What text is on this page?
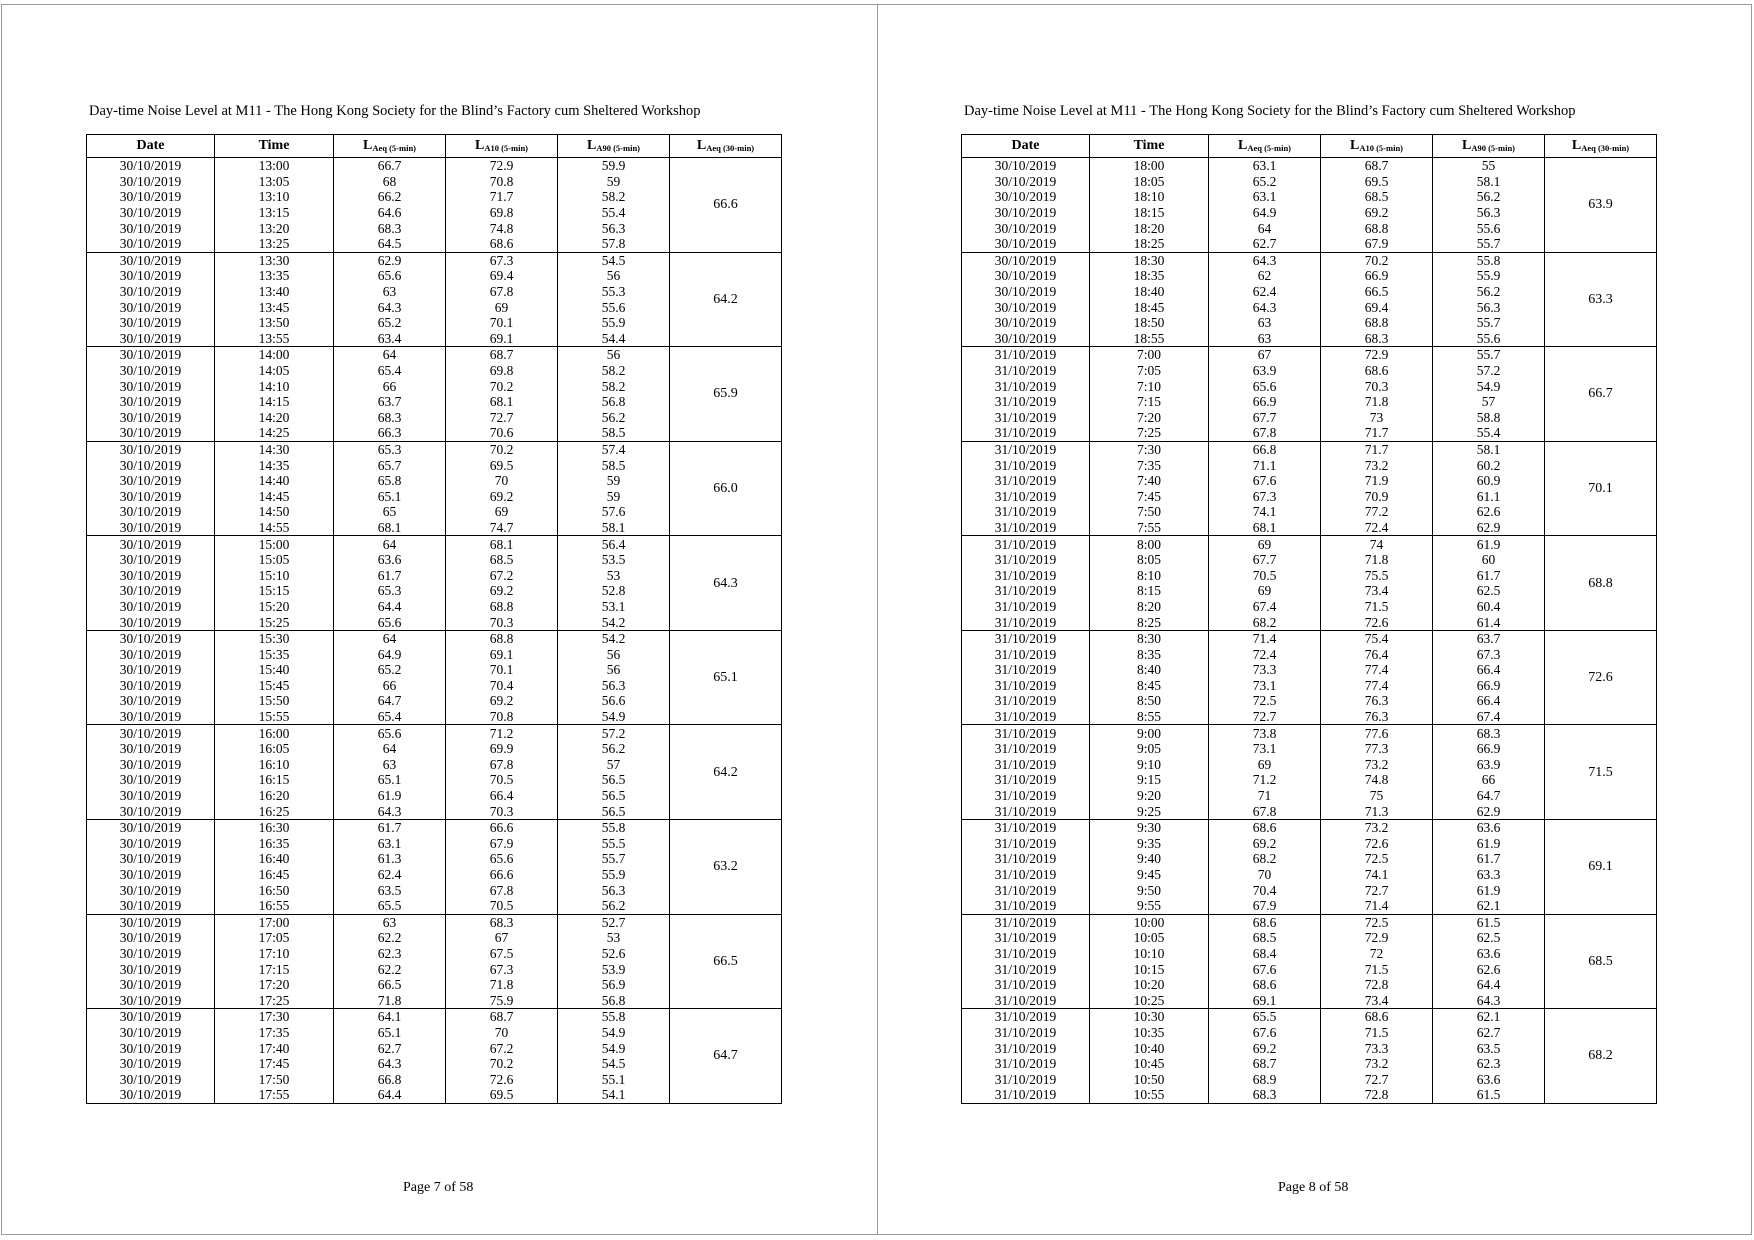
Day-time Noise Level at M11 - The Hong Kong Society for the Blind’s Factory cum Sheltered Workshop
Date	Time	LAeq (5-min)	LA10 (5-min)	LA90 (5-min)	LAeq (30-min)
30/10/2019	13:00	66.7	72.9	59.9	66.6
30/10/2019	13:05	68	70.8	59	
30/10/2019	13:10	66.2	71.7	58.2	
30/10/2019	13:15	64.6	69.8	55.4	
30/10/2019	13:20	68.3	74.8	56.3	
30/10/2019	13:25	64.5	68.6	57.8	
30/10/2019	13:30	62.9	67.3	54.5	64.2
30/10/2019	13:35	65.6	69.4	56	
30/10/2019	13:40	63	67.8	55.3	
30/10/2019	13:45	64.3	69	55.6	
30/10/2019	13:50	65.2	70.1	55.9	
30/10/2019	13:55	63.4	69.1	54.4	
30/10/2019	14:00	64	68.7	56	65.9
30/10/2019	14:05	65.4	69.8	58.2	
30/10/2019	14:10	66	70.2	58.2	
30/10/2019	14:15	63.7	68.1	56.8	
30/10/2019	14:20	68.3	72.7	56.2	
30/10/2019	14:25	66.3	70.6	58.5	
30/10/2019	14:30	65.3	70.2	57.4	66.0
30/10/2019	14:35	65.7	69.5	58.5	
30/10/2019	14:40	65.8	70	59	
30/10/2019	14:45	65.1	69.2	59	
30/10/2019	14:50	65	69	57.6	
30/10/2019	14:55	68.1	74.7	58.1	
30/10/2019	15:00	64	68.1	56.4	64.3
30/10/2019	15:05	63.6	68.5	53.5	
30/10/2019	15:10	61.7	67.2	53	
30/10/2019	15:15	65.3	69.2	52.8	
30/10/2019	15:20	64.4	68.8	53.1	
30/10/2019	15:25	65.6	70.3	54.2	
30/10/2019	15:30	64	68.8	54.2	65.1
30/10/2019	15:35	64.9	69.1	56	
30/10/2019	15:40	65.2	70.1	56	
30/10/2019	15:45	66	70.4	56.3	
30/10/2019	15:50	64.7	69.2	56.6	
30/10/2019	15:55	65.4	70.8	54.9	
30/10/2019	16:00	65.6	71.2	57.2	64.2
30/10/2019	16:05	64	69.9	56.2	
30/10/2019	16:10	63	67.8	57	
30/10/2019	16:15	65.1	70.5	56.5	
30/10/2019	16:20	61.9	66.4	56.5	
30/10/2019	16:25	64.3	70.3	56.5	
30/10/2019	16:30	61.7	66.6	55.8	63.2
30/10/2019	16:35	63.1	67.9	55.5	
30/10/2019	16:40	61.3	65.6	55.7	
30/10/2019	16:45	62.4	66.6	55.9	
30/10/2019	16:50	63.5	67.8	56.3	
30/10/2019	16:55	65.5	70.5	56.2	
30/10/2019	17:00	63	68.3	52.7	66.5
30/10/2019	17:05	62.2	67	53	
30/10/2019	17:10	62.3	67.5	52.6	
30/10/2019	17:15	62.2	67.3	53.9	
30/10/2019	17:20	66.5	71.8	56.9	
30/10/2019	17:25	71.8	75.9	56.8	
30/10/2019	17:30	64.1	68.7	55.8	64.7
30/10/2019	17:35	65.1	70	54.9	
30/10/2019	17:40	62.7	67.2	54.9	
30/10/2019	17:45	64.3	70.2	54.5	
30/10/2019	17:50	66.8	72.6	55.1	
30/10/2019	17:55	64.4	69.5	54.1	
Page 7 of 58
Day-time Noise Level at M11 - The Hong Kong Society for the Blind’s Factory cum Sheltered Workshop
Date	Time	LAeq (5-min)	LA10 (5-min)	LA90 (5-min)	LAeq (30-min)
30/10/2019	18:00	63.1	68.7	55	63.9
30/10/2019	18:05	65.2	69.5	58.1	
30/10/2019	18:10	63.1	68.5	56.2	
30/10/2019	18:15	64.9	69.2	56.3	
30/10/2019	18:20	64	68.8	55.6	
30/10/2019	18:25	62.7	67.9	55.7	
30/10/2019	18:30	64.3	70.2	55.8	63.3
30/10/2019	18:35	62	66.9	55.9	
30/10/2019	18:40	62.4	66.5	56.2	
30/10/2019	18:45	64.3	69.4	56.3	
30/10/2019	18:50	63	68.8	55.7	
30/10/2019	18:55	63	68.3	55.6	
31/10/2019	7:00	67	72.9	55.7	66.7
31/10/2019	7:05	63.9	68.6	57.2	
31/10/2019	7:10	65.6	70.3	54.9	
31/10/2019	7:15	66.9	71.8	57	
31/10/2019	7:20	67.7	73	58.8	
31/10/2019	7:25	67.8	71.7	55.4	
31/10/2019	7:30	66.8	71.7	58.1	70.1
31/10/2019	7:35	71.1	73.2	60.2	
31/10/2019	7:40	67.6	71.9	60.9	
31/10/2019	7:45	67.3	70.9	61.1	
31/10/2019	7:50	74.1	77.2	62.6	
31/10/2019	7:55	68.1	72.4	62.9	
31/10/2019	8:00	69	74	61.9	68.8
31/10/2019	8:05	67.7	71.8	60	
31/10/2019	8:10	70.5	75.5	61.7	
31/10/2019	8:15	69	73.4	62.5	
31/10/2019	8:20	67.4	71.5	60.4	
31/10/2019	8:25	68.2	72.6	61.4	
31/10/2019	8:30	71.4	75.4	63.7	72.6
31/10/2019	8:35	72.4	76.4	67.3	
31/10/2019	8:40	73.3	77.4	66.4	
31/10/2019	8:45	73.1	77.4	66.9	
31/10/2019	8:50	72.5	76.3	66.4	
31/10/2019	8:55	72.7	76.3	67.4	
31/10/2019	9:00	73.8	77.6	68.3	71.5
31/10/2019	9:05	73.1	77.3	66.9	
31/10/2019	9:10	69	73.2	63.9	
31/10/2019	9:15	71.2	74.8	66	
31/10/2019	9:20	71	75	64.7	
31/10/2019	9:25	67.8	71.3	62.9	
31/10/2019	9:30	68.6	73.2	63.6	69.1
31/10/2019	9:35	69.2	72.6	61.9	
31/10/2019	9:40	68.2	72.5	61.7	
31/10/2019	9:45	70	74.1	63.3	
31/10/2019	9:50	70.4	72.7	61.9	
31/10/2019	9:55	67.9	71.4	62.1	
31/10/2019	10:00	68.6	72.5	61.5	68.5
31/10/2019	10:05	68.5	72.9	62.5	
31/10/2019	10:10	68.4	72	63.6	
31/10/2019	10:15	67.6	71.5	62.6	
31/10/2019	10:20	68.6	72.8	64.4	
31/10/2019	10:25	69.1	73.4	64.3	
31/10/2019	10:30	65.5	68.6	62.1	68.2
31/10/2019	10:35	67.6	71.5	62.7	
31/10/2019	10:40	69.2	73.3	63.5	
31/10/2019	10:45	68.7	73.2	62.3	
31/10/2019	10:50	68.9	72.7	63.6	
31/10/2019	10:55	68.3	72.8	61.5	
Page 8 of 58
